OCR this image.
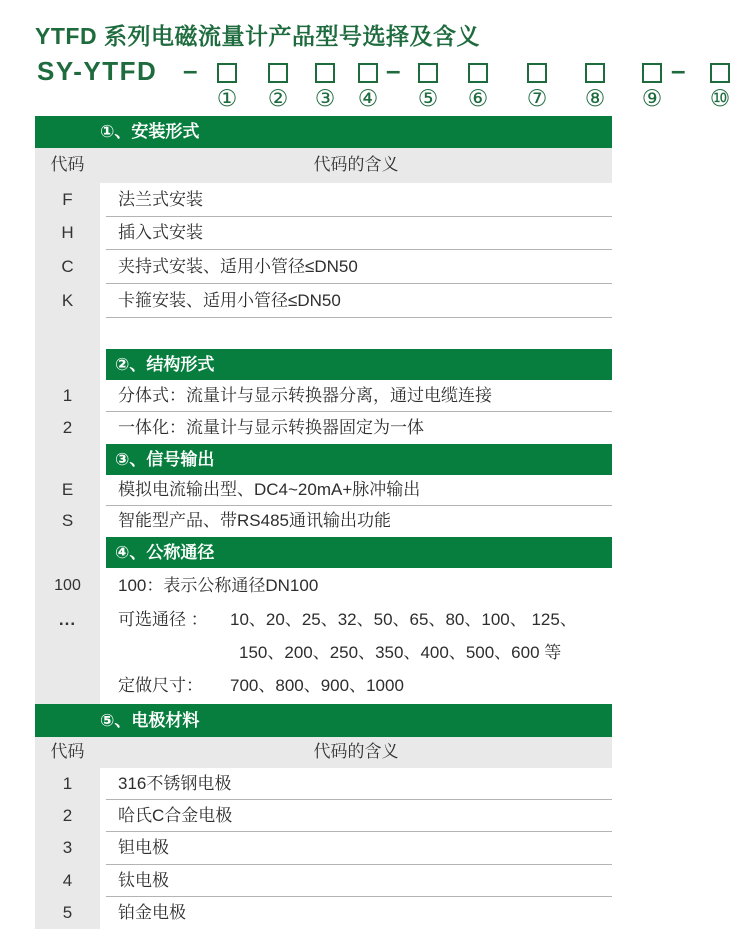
YTFD 系列电磁流量计产品型号选择及含义
SY-YTFD –	–	–
① ② ③ ④ ⑤ ⑥ ⑦ ⑧ ⑨ ⑩
①、安装形式
代码	代码的含义
F	法兰式安装
H	插入式安装
C	夹持式安装、适用小管径≤DN50
K	卡箍安装、适用小管径≤DN50
②、结构形式
1	分体式：流量计与显示转换器分离，通过电缆连接
2	一体化：流量计与显示转换器固定为一体
③、信号输出
E	模拟电流输出型、DC4~20mA+脉冲输出
S	智能型产品、带RS485通讯输出功能
④、公称通径
100	100：表示公称通径DN100
...	可选通径 ： 10、20、25、32、50、65、80、100、 125、
150、200、250、350、400、500、600 等
定做尺寸： 700、800、900、1000
⑤、电极材料
代码	代码的含义
1	316不锈钢电极
2	哈氏C合金电极
3	钽电极
4	钛电极
5	铂金电极
